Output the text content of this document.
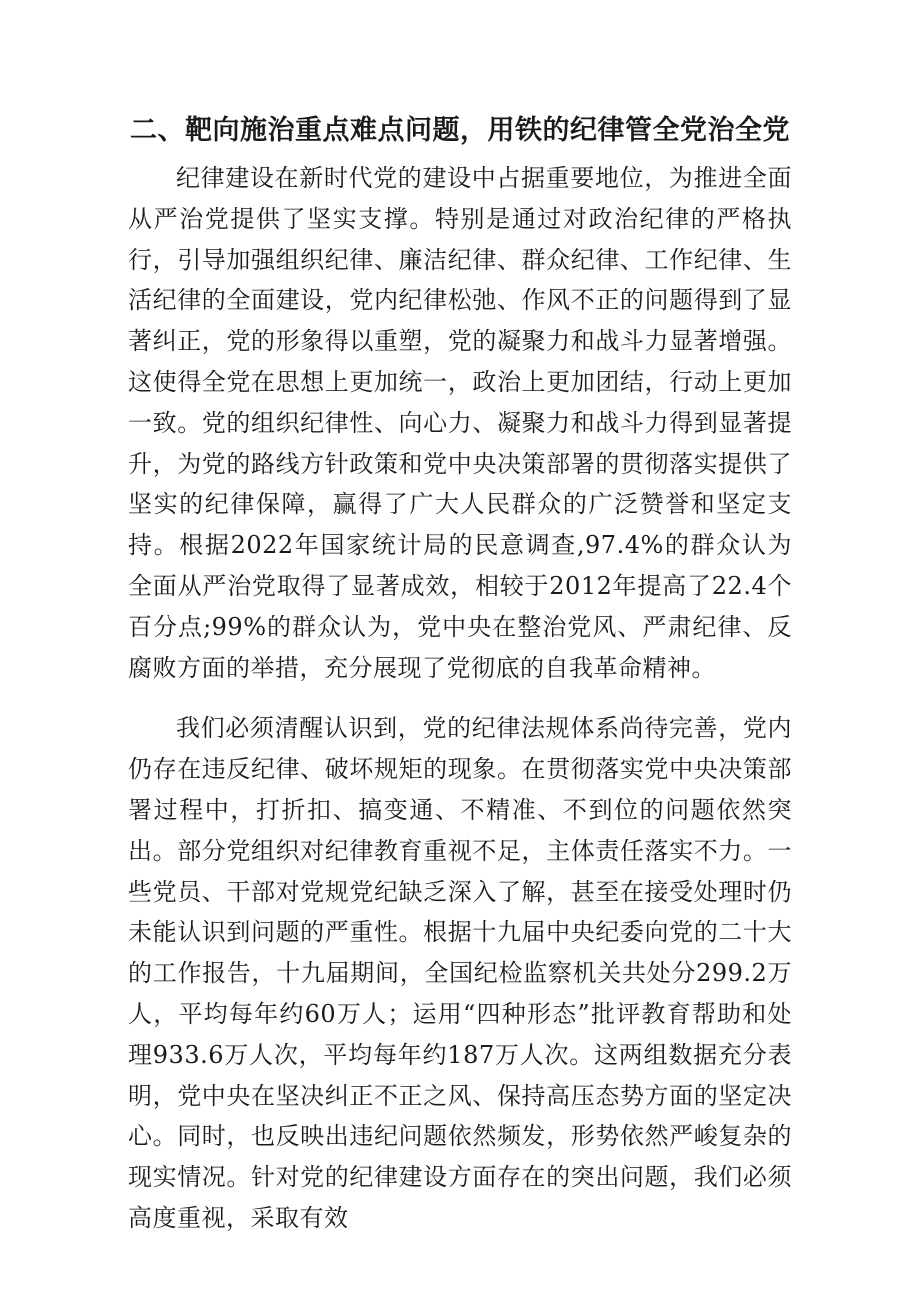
二、靶向施治重点难点问题，用铁的纪律管全党治全党

纪律建设在新时代党的建设中占据重要地位，为推进全面从严治党提供了坚实支撑。特别是通过对政治纪律的严格执行，引导加强组织纪律、廉洁纪律、群众纪律、工作纪律、生活纪律的全面建设，党内纪律松弛、作风不正的问题得到了显著纠正，党的形象得以重塑，党的凝聚力和战斗力显著增强。这使得全党在思想上更加统一，政治上更加团结，行动上更加一致。党的组织纪律性、向心力、凝聚力和战斗力得到显著提升，为党的路线方针政策和党中央决策部署的贯彻落实提供了坚实的纪律保障，赢得了广大人民群众的广泛赞誉和坚定支持。根据2022年国家统计局的民意调查,97.4%的群众认为全面从严治党取得了显著成效，相较于2012年提高了22.4个百分点;99%的群众认为，党中央在整治党风、严肃纪律、反腐败方面的举措，充分展现了党彻底的自我革命精神。

我们必须清醒认识到，党的纪律法规体系尚待完善，党内仍存在违反纪律、破坏规矩的现象。在贯彻落实党中央决策部署过程中，打折扣、搞变通、不精准、不到位的问题依然突出。部分党组织对纪律教育重视不足，主体责任落实不力。一些党员、干部对党规党纪缺乏深入了解，甚至在接受处理时仍未能认识到问题的严重性。根据十九届中央纪委向党的二十大的工作报告，十九届期间，全国纪检监察机关共处分299.2万人，平均每年约60万人；运用“四种形态”批评教育帮助和处理933.6万人次，平均每年约187万人次。这两组数据充分表明，党中央在坚决纠正不正之风、保持高压态势方面的坚定决心。同时，也反映出违纪问题依然频发，形势依然严峻复杂的现实情况。针对党的纪律建设方面存在的突出问题，我们必须高度重视，采取有效
